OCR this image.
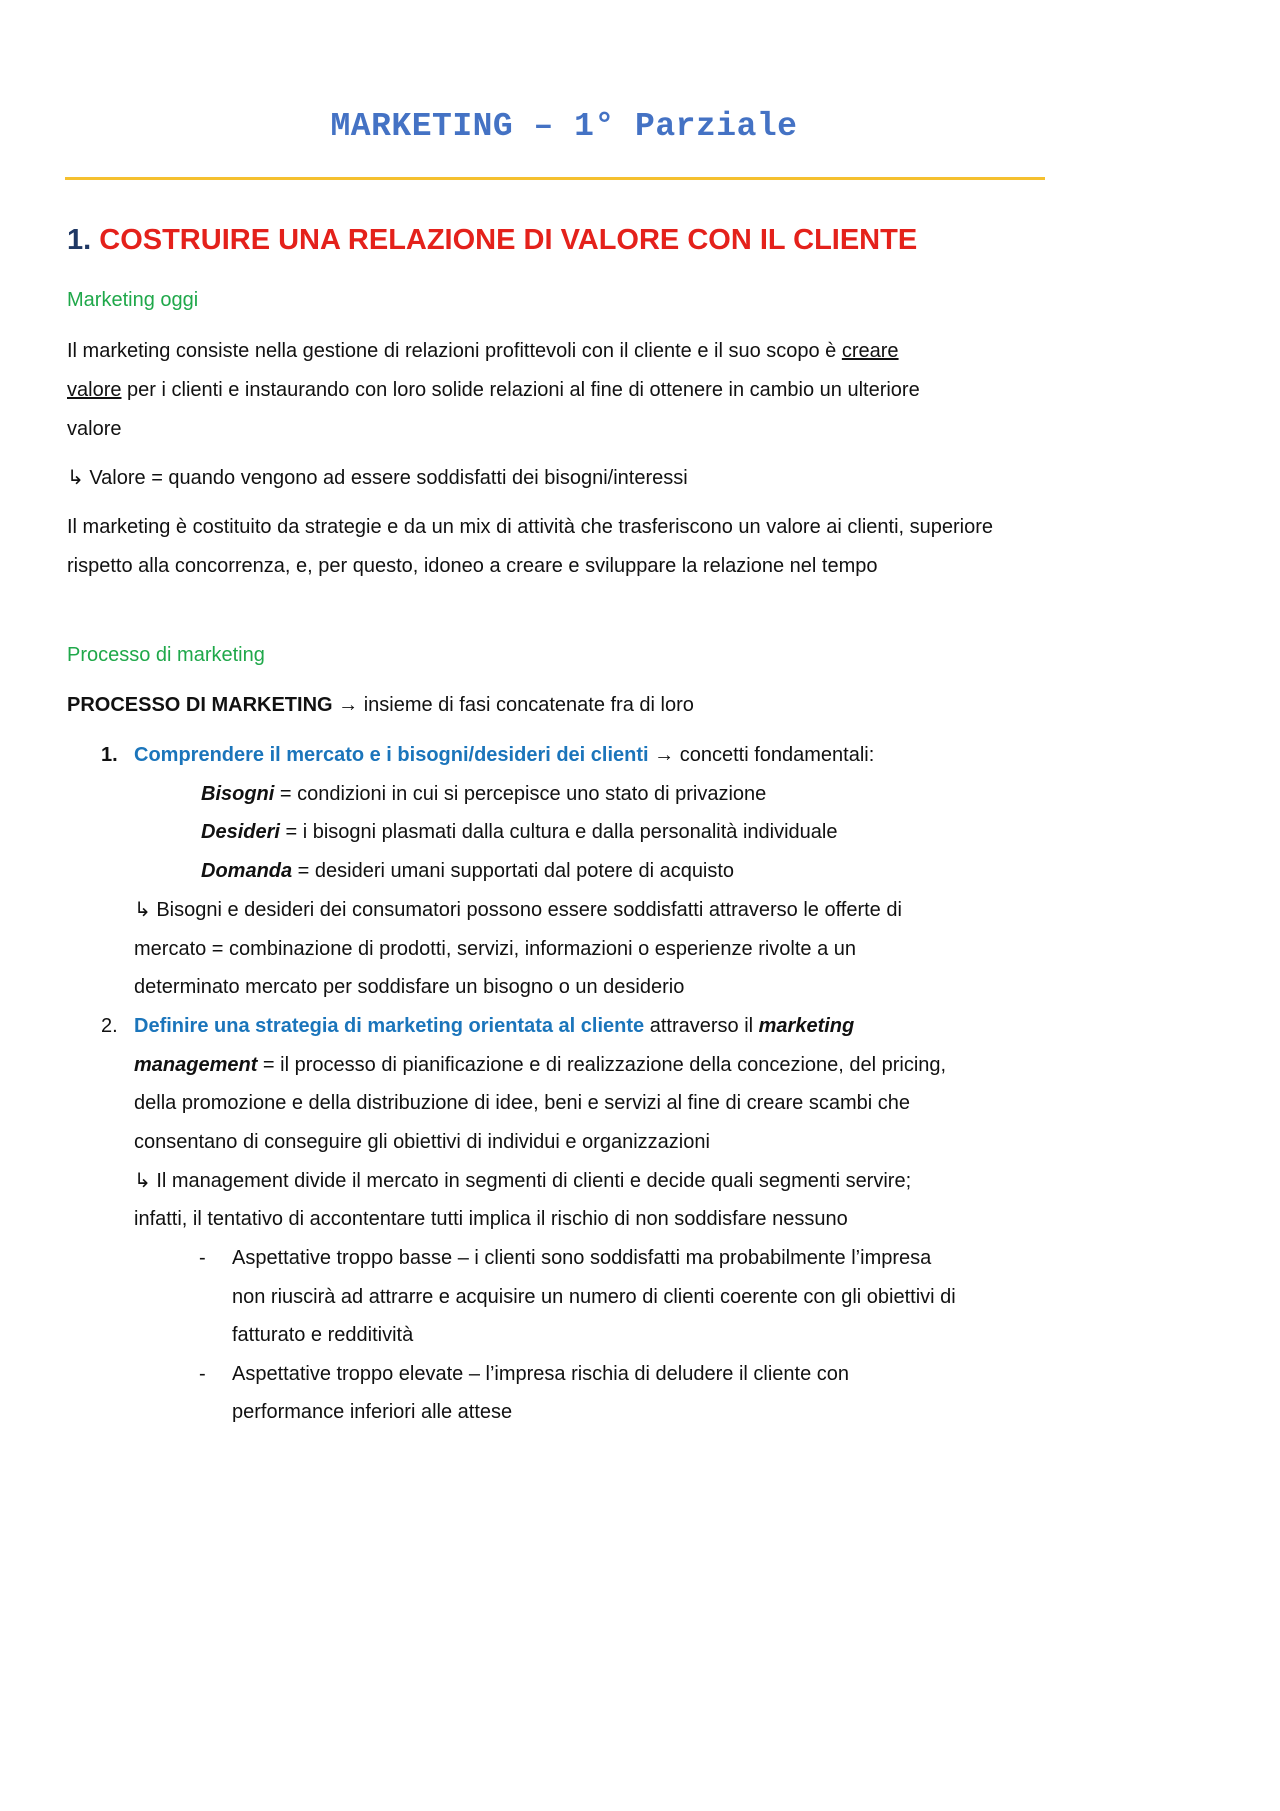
MARKETING – 1° Parziale
1. COSTRUIRE UNA RELAZIONE DI VALORE CON IL CLIENTE
Marketing oggi
Il marketing consiste nella gestione di relazioni profittevoli con il cliente e il suo scopo è creare
valore per i clienti e instaurando con loro solide relazioni al fine di ottenere in cambio un ulteriore
valore
↳ Valore = quando vengono ad essere soddisfatti dei bisogni/interessi

Il marketing è costituito da strategie e da un mix di attività che trasferiscono un valore ai clienti, superiore rispetto alla concorrenza, e, per questo, idoneo a creare e sviluppare la relazione nel tempo

Processo di marketing
PROCESSO DI MARKETING → insieme di fasi concatenate fra di loro
1. Comprendere il mercato e i bisogni/desideri dei clienti → concetti fondamentali:
Bisogni = condizioni in cui si percepisce uno stato di privazione
Desideri = i bisogni plasmati dalla cultura e dalla personalità individuale
Domanda = desideri umani supportati dal potere di acquisto
↳ Bisogni e desideri dei consumatori possono essere soddisfatti attraverso le offerte di
mercato = combinazione di prodotti, servizi, informazioni o esperienze rivolte a un
determinato mercato per soddisfare un bisogno o un desiderio
2. Definire una strategia di marketing orientata al cliente attraverso il marketing
management = il processo di pianificazione e di realizzazione della concezione, del pricing,
della promozione e della distribuzione di idee, beni e servizi al fine di creare scambi che
consentano di conseguire gli obiettivi di individui e organizzazioni
↳ Il management divide il mercato in segmenti di clienti e decide quali segmenti servire;
infatti, il tentativo di accontentare tutti implica il rischio di non soddisfare nessuno
- Aspettative troppo basse – i clienti sono soddisfatti ma probabilmente l’impresa
non riuscirà ad attrarre e acquisire un numero di clienti coerente con gli obiettivi di
fatturato e redditività
- Aspettative troppo elevate – l’impresa rischia di deludere il cliente con
performance inferiori alle attese
